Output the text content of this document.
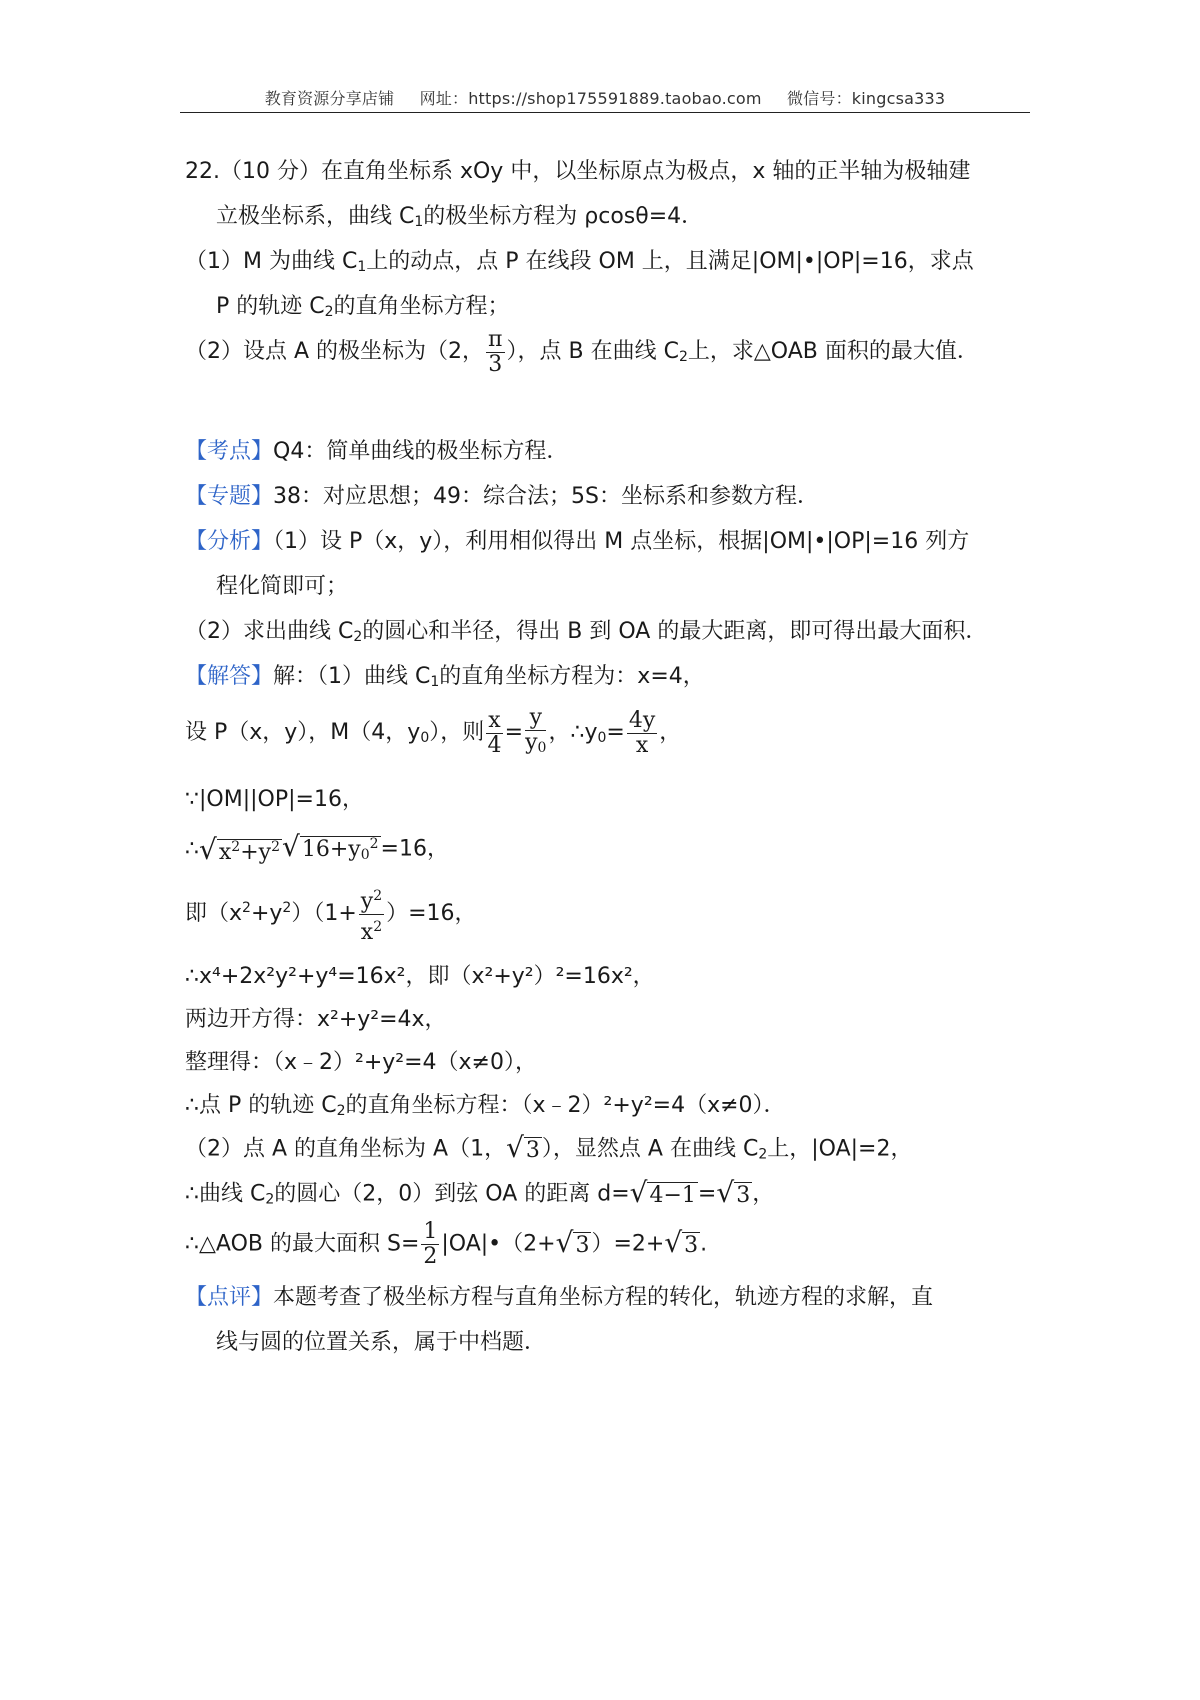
教育资源分享店铺 网址：https://shop175591889.taobao.com 微信号：kingcsa333
22.（10 分）在直角坐标系 xOy 中，以坐标原点为极点，x 轴的正半轴为极轴建
立极坐标系，曲线 $C_1$的极坐标方程为 ρcosθ=4．
（1）M 为曲线 $C_1$上的动点，点 P 在线段 OM 上，且满足|OM|•|OP|=16，求点
P 的轨迹 $C_2$的直角坐标方程；
（2）设点 A 的极坐标为（2， $\frac{\pi}{3}$ ），点 B 在曲线 $C_2$上，求△OAB 面积的最大值．
【考点】Q4：简单曲线的极坐标方程．
【专题】38：对应思想；49：综合法；5S：坐标系和参数方程．
【分析】（1）设 P（x，y），利用相似得出 M 点坐标，根据|OM|•|OP|=16 列方
程化简即可；
（2）求出曲线 $C_2$的圆心和半径，得出 B 到 OA 的最大距离，即可得出最大面积．
【解答】解：（1）曲线 $C_1$的直角坐标方程为：x=4，
设 P（x，y），M（4，$y_0$），则 $\frac{x}{4} = \frac{y}{y_0}$ ，$\therefore y_0= \frac{4y}{x}$ ，
∵|OM||OP|=16，
$\therefore√x^2+y^2√16+y_0^2=16$，
即$(x^2+y^2)(1+ \frac{y^2}{x^2} )=16$，
∴x⁴+2x²y²+y⁴=16x²，即（x²+y²）²=16x²，
两边开方得：x²+y²=4x，
整理得：（x﹣2）²+y²=4（x≠0），
∴点 P 的轨迹 $C_2$的直角坐标方程：（x﹣2）²+y²=4（x≠0）．
（2）点 A 的直角坐标为 A（1，√3），显然点 A 在曲线 $C_2$上，|OA|=2，
∴曲线 $C_2$的圆心（2，0）到弦 OA 的距离 d=√4−1=√3，
∴△AOB 的最大面积 $S= \frac{1}{2}$ |OA|•（2+√3）=2+√3.
【点评】本题考查了极坐标方程与直角坐标方程的转化，轨迹方程的求解，直
线与圆的位置关系，属于中档题．
